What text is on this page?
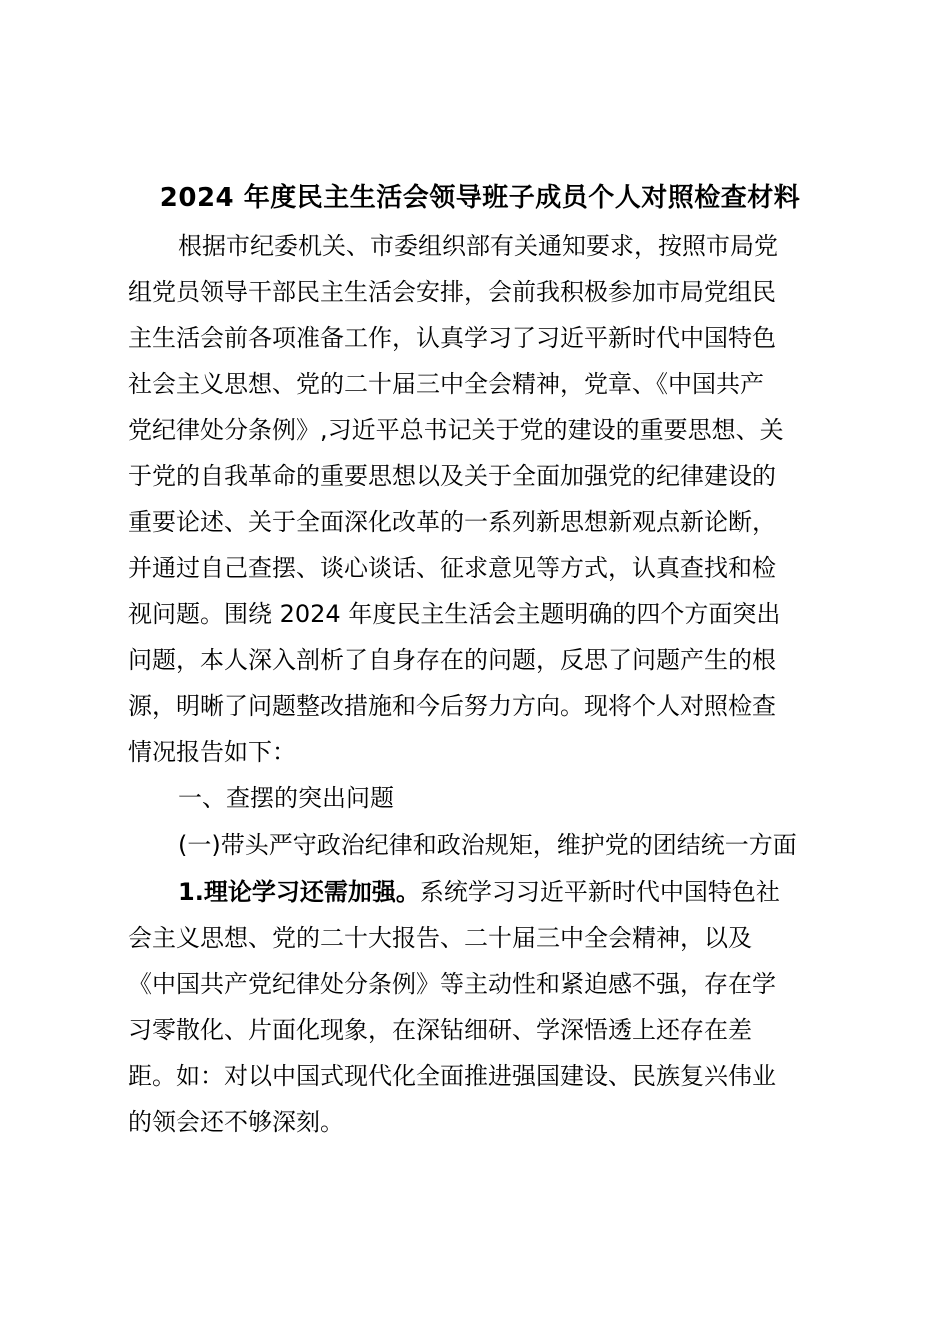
2024 年度民主生活会领导班子成员个人对照检查材料

根据市纪委机关、市委组织部有关通知要求，按照市局党

组党员领导干部民主生活会安排，会前我积极参加市局党组民

主生活会前各项准备工作，认真学习了习近平新时代中国特色

社会主义思想、党的二十届三中全会精神，党章、《中国共产

党纪律处分条例》,习近平总书记关于党的建设的重要思想、关

于党的自我革命的重要思想以及关于全面加强党的纪律建设的

重要论述、关于全面深化改革的一系列新思想新观点新论断，

并通过自己查摆、谈心谈话、征求意见等方式，认真查找和检

视问题。围绕 2024 年度民主生活会主题明确的四个方面突出

问题，本人深入剖析了自身存在的问题，反思了问题产生的根

源，明晰了问题整改措施和今后努力方向。现将个人对照检查

情况报告如下：

一、查摆的突出问题

(一)带头严守政治纪律和政治规矩，维护党的团结统一方面

1.理论学习还需加强。系统学习习近平新时代中国特色社

会主义思想、党的二十大报告、二十届三中全会精神，以及

《中国共产党纪律处分条例》等主动性和紧迫感不强，存在学

习零散化、片面化现象，在深钻细研、学深悟透上还存在差

距。如：对以中国式现代化全面推进强国建设、民族复兴伟业

的领会还不够深刻。
